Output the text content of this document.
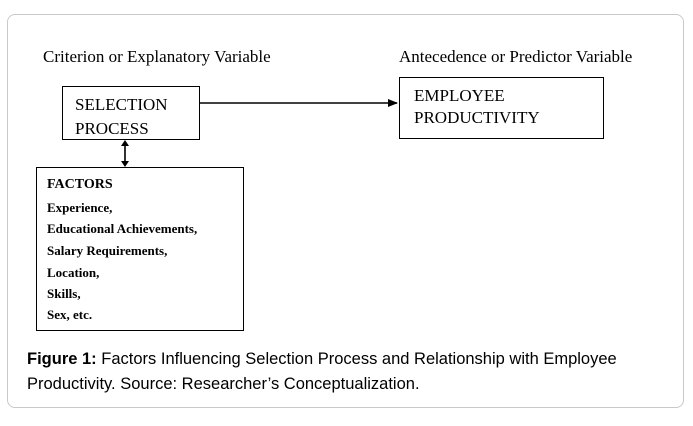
Criterion or Explanatory Variable	Antecedence or Predictor Variable
SELECTION
PROCESS
EMPLOYEE
PRODUCTIVITY
FACTORS
Experience,
Educational Achievements,
Salary Requirements,
Location,
Skills,
Sex, etc.
Figure 1: Factors Influencing Selection Process and Relationship with Employee Productivity. Source: Researcher’s Conceptualization.
